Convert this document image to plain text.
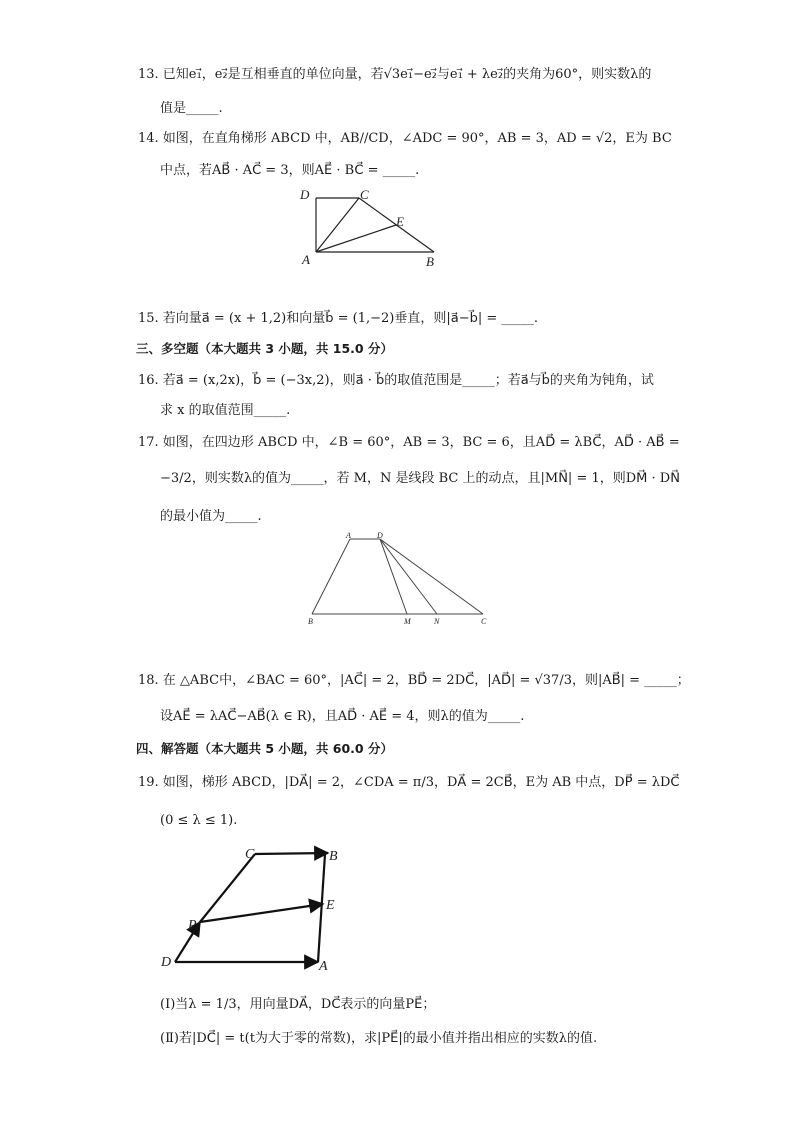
13. 已知e₁⃗，e₂⃗是互相垂直的单位向量，若√3e₁⃗−e₂⃗与e₁⃗ + λe₂⃗的夹角为60°，则实数λ的
值是_____.
14. 如图，在直角梯形 ABCD 中，AB//CD，∠ADC = 90°，AB = 3，AD = √2，E为 BC
中点，若AB⃗ · AC⃗ = 3，则AE⃗ · BC⃗ = _____.
D	C
E
A	B
15. 若向量a⃗ = (x + 1,2)和向量b⃗ = (1,−2)垂直，则|a⃗−b⃗| = _____.
三、多空题（本大题共 3 小题，共 15.0 分）
16. 若a⃗ = (x,2x)，b⃗ = (−3x,2)，则a⃗ · b⃗的取值范围是_____；若a⃗与b⃗的夹角为钝角，试
求 x 的取值范围_____.
17. 如图，在四边形 ABCD 中，∠B = 60°，AB = 3，BC = 6，且AD⃗ = λBC⃗，AD⃗ · AB⃗ =
−3/2，则实数λ的值为_____，若 M，N 是线段 BC 上的动点，且|MN⃗| = 1，则DM⃗ · DN⃗
的最小值为_____.
A	D
B	M	N	C
18. 在 △ABC中，∠BAC = 60°，|AC⃗| = 2，BD⃗ = 2DC⃗，|AD⃗| = √37/3，则|AB⃗| = _____；
设AE⃗ = λAC⃗−AB⃗(λ ∈ R)，且AD⃗ · AE⃗ = 4，则λ的值为_____.
四、解答题（本大题共 5 小题，共 60.0 分）
19. 如图，梯形 ABCD，|DA⃗| = 2，∠CDA = π/3，DA⃗ = 2CB⃗，E为 AB 中点，DP⃗ = λDC⃗
(0 ≤ λ ≤ 1).
C	B
P
E
D	A
(Ⅰ)当λ = 1/3，用向量DA⃗，DC⃗表示的向量PE⃗；
(Ⅱ)若|DC⃗| = t(t为大于零的常数)，求|PE⃗|的最小值并指出相应的实数λ的值.
